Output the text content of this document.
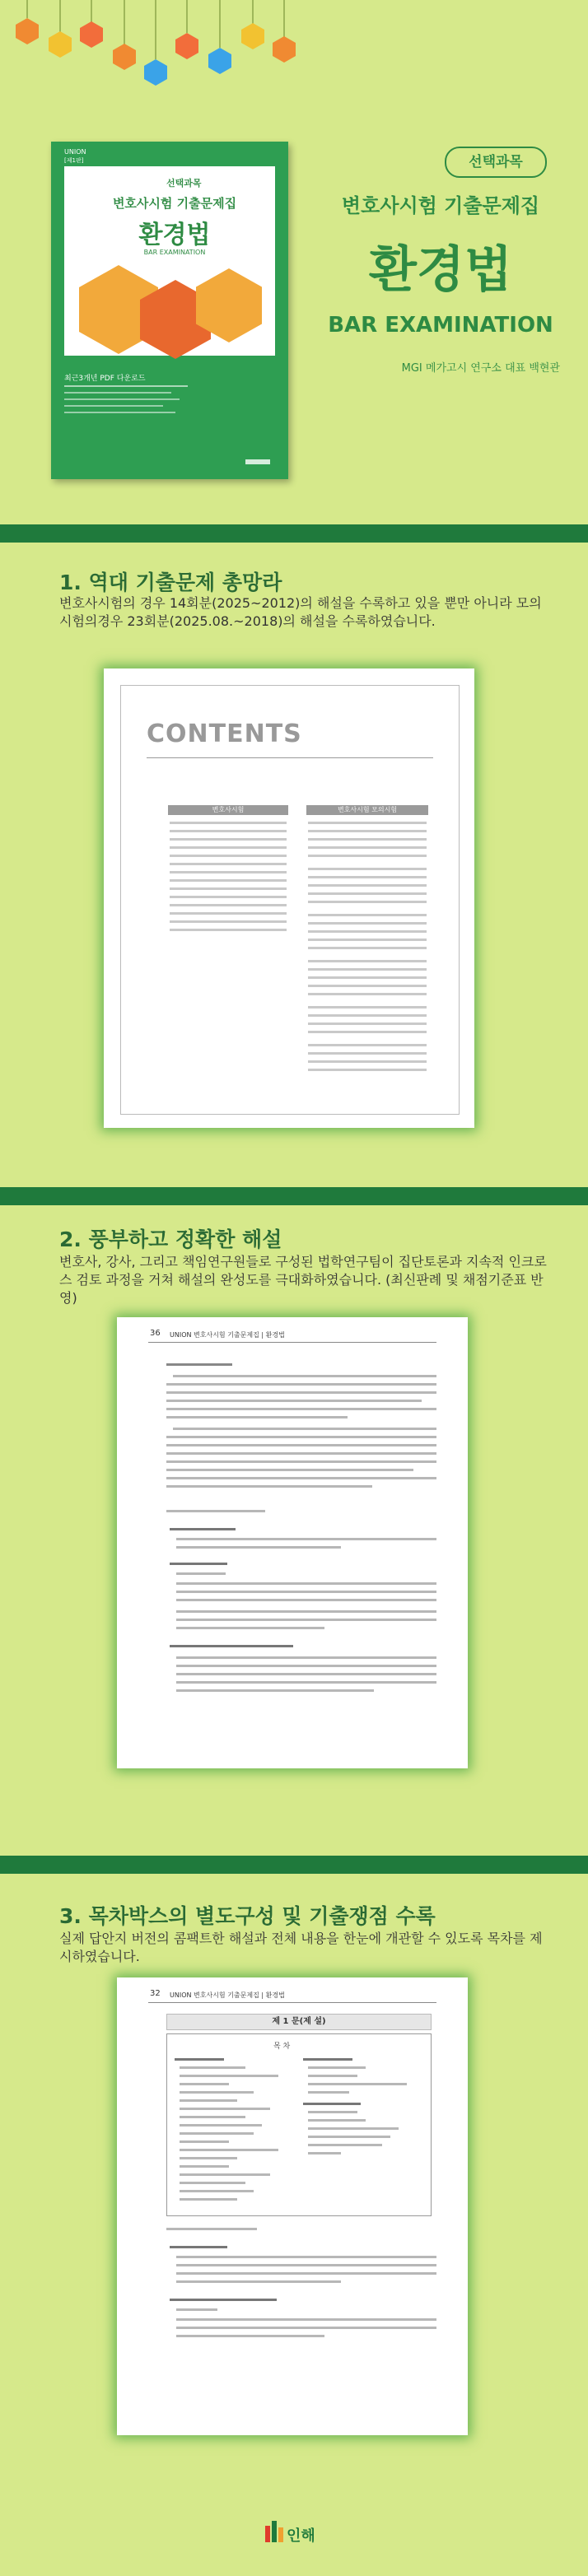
UNION
[제1판]
선택과목
변호사시험 기출문제집
환경법
BAR EXAMINATION
최근3개년 PDF 다운로드
선택과목
변호사시험 기출문제집
환경법
BAR EXAMINATION
MGI 메가고시 연구소 대표 백현관
1. 역대 기출문제 총망라
변호사시험의 경우 14회분(2025~2012)의 해설을 수록하고 있을 뿐만 아니라 모의시험의경우 23회분(2025.08.~2018)의 해설을 수록하였습니다.
CONTENTS
변호사시험	변호사시험 모의시험
2. 풍부하고 정확한 해설
변호사, 강사, 그리고 책임연구원들로 구성된 법학연구팀이 집단토론과 지속적 인크로스 검토 과정을 거쳐 해설의 완성도를 극대화하였습니다. (최신판례 및 채점기준표 반영)
36 UNION 변호사시험 기출문제집 | 환경법
3. 목차박스의 별도구성 및 기출쟁점 수록
실제 답안지 버전의 콤팩트한 해설과 전체 내용을 한눈에 개관할 수 있도록 목차를 제시하였습니다.
32 UNION 변호사시험 기출문제집 | 환경법
제 1 문(제 설)
목 차
인해
